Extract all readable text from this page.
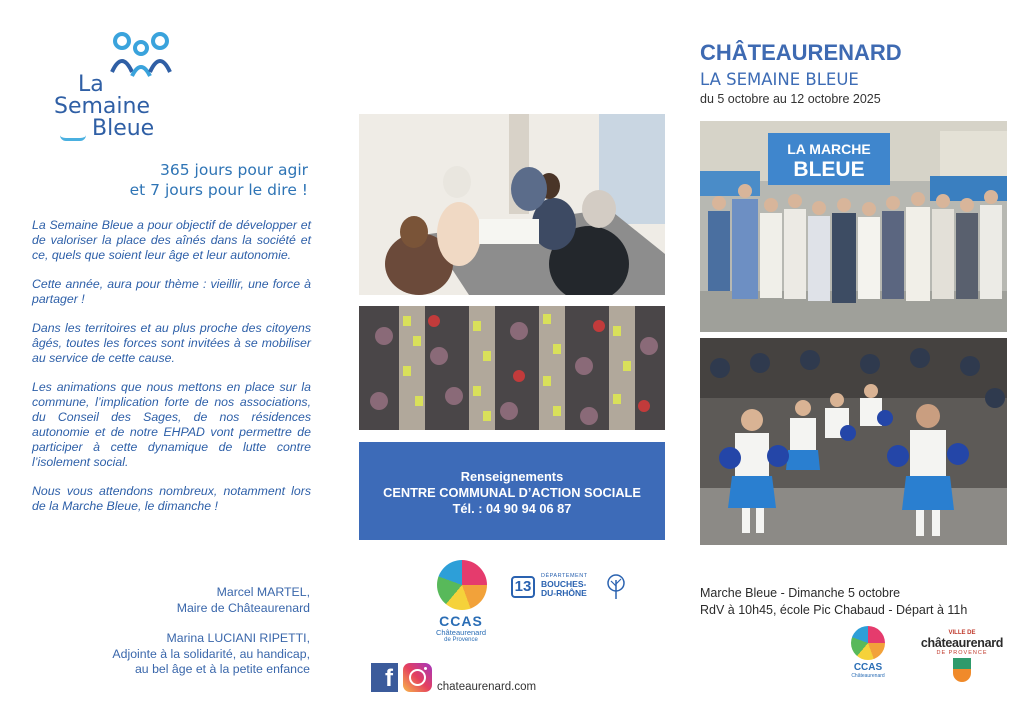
La
Semaine
Bleue
365 jours pour agir
et 7 jours pour le dire !

La Semaine Bleue a pour objectif de développer et de valoriser la place des aînés dans la société et ce, quels que soient leur âge et leur autonomie.

Cette année, aura pour thème : vieillir, une force à partager !

Dans les territoires et au plus proche des citoyens âgés, toutes les forces sont invitées à se mobiliser au service de cette cause.

Les animations que nous mettons en place sur la commune, l’implication forte de nos associations, du Conseil des Sages, de nos résidences autonomie et de notre EHPAD vont permettre de participer à cette dynamique de lutte contre l’isolement social.

Nous vous attendons nombreux, notamment lors de la Marche Bleue, le dimanche !

Marcel MARTEL,
Maire de Châteaurenard
Marina LUCIANI RIPETTI,
Adjointe à la solidarité, au handicap,
au bel âge et à la petite enfance
Renseignements
CENTRE COMMUNAL D’ACTION SOCIALE
Tél. : 04 90 94 06 87
CCAS
Châteaurenard
de Provence
13
DÉPARTEMENT
BOUCHES-
DU-RHÔNE
f	chateaurenard.com
CHÂTEAURENARD
LA SEMAINE BLEUE
du 5 octobre au 12 octobre 2025
LA MARCHE
BLEUE
Marche Bleue - Dimanche 5 octobre
RdV à 10h45, école Pic Chabaud - Départ à 11h
CCAS
Châteaurenard
VILLE DE
châteaurenard
DE PROVENCE
